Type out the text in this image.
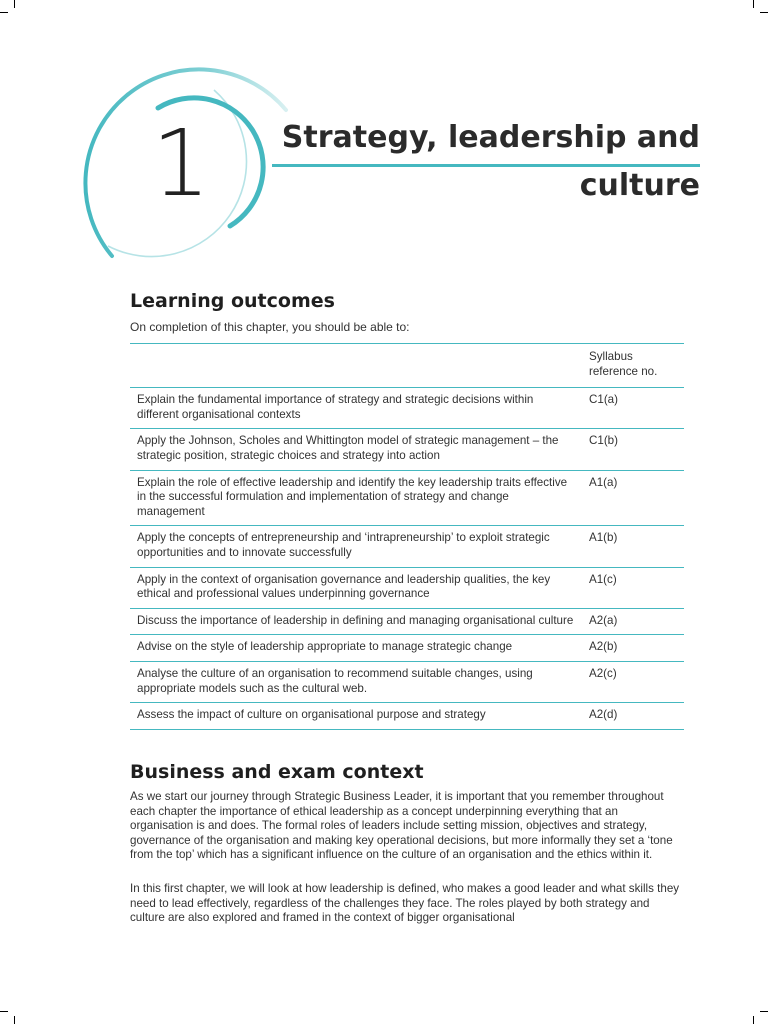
1	Strategy, leadership and
culture
Learning outcomes
On completion of this chapter, you should be able to:
	Syllabus reference no.
Explain the fundamental importance of strategy and strategic decisions within different organisational contexts	C1(a)
Apply the Johnson, Scholes and Whittington model of strategic management – the strategic position, strategic choices and strategy into action	C1(b)
Explain the role of effective leadership and identify the key leadership traits effective in the successful formulation and implementation of strategy and change management	A1(a)
Apply the concepts of entrepreneurship and ‘intrapreneurship’ to exploit strategic opportunities and to innovate successfully	A1(b)
Apply in the context of organisation governance and leadership qualities, the key ethical and professional values underpinning governance	A1(c)
Discuss the importance of leadership in defining and managing organisational culture	A2(a)
Advise on the style of leadership appropriate to manage strategic change	A2(b)
Analyse the culture of an organisation to recommend suitable changes, using appropriate models such as the cultural web.	A2(c)
Assess the impact of culture on organisational purpose and strategy	A2(d)
Business and exam context

As we start our journey through Strategic Business Leader, it is important that you remember throughout each chapter the importance of ethical leadership as a concept underpinning everything that an organisation is and does. The formal roles of leaders include setting mission, objectives and strategy, governance of the organisation and making key operational decisions, but more informally they set a ‘tone from the top’ which has a significant influence on the culture of an organisation and the ethics within it.

In this first chapter, we will look at how leadership is defined, who makes a good leader and what skills they need to lead effectively, regardless of the challenges they face. The roles played by both strategy and culture are also explored and framed in the context of bigger organisational
